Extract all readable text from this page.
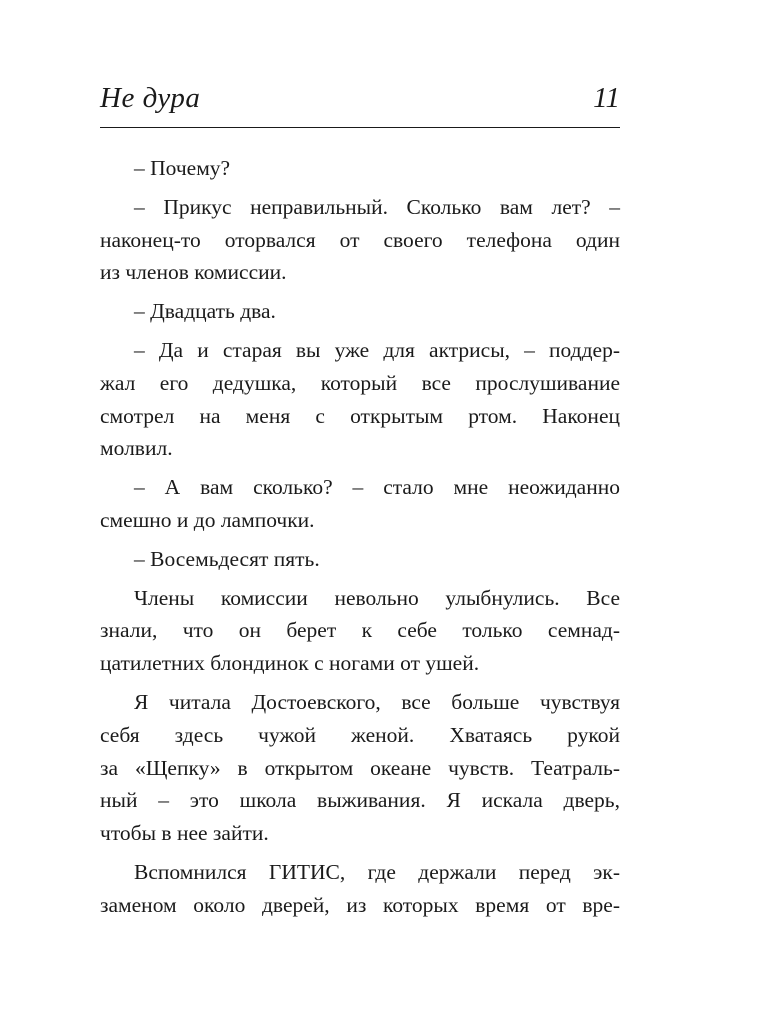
Не дура	11
– Почему?
– Прикус неправильный. Сколько вам лет? –
наконец-то оторвался от своего телефона один
из членов комиссии.
– Двадцать два.
– Да и старая вы уже для актрисы, – поддер-
жал его дедушка, который все прослушивание
смотрел на меня с открытым ртом. Наконец
молвил.
– А вам сколько? – стало мне неожиданно
смешно и до лампочки.
– Восемьдесят пять.
Члены комиссии невольно улыбнулись. Все
знали, что он берет к себе только семнад-
цатилетних блондинок с ногами от ушей.
Я читала Достоевского, все больше чувствуя
себя здесь чужой женой. Хватаясь рукой
за «Щепку» в открытом океане чувств. Театраль-
ный – это школа выживания. Я искала дверь,
чтобы в нее зайти.
Вспомнился ГИТИС, где держали перед эк-
заменом около дверей, из которых время от вре-
